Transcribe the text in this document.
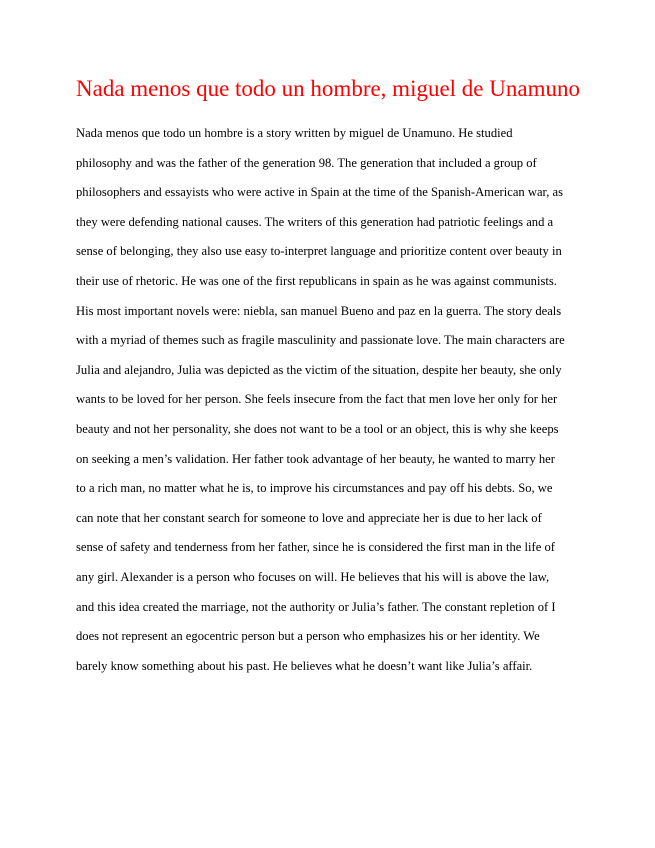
Nada menos que todo un hombre, miguel de Unamuno
Nada menos que todo un hombre is a story written by miguel de Unamuno. He studied
philosophy and was the father of the generation 98. The generation that included a group of
philosophers and essayists who were active in Spain at the time of the Spanish-American war, as
they were defending national causes. The writers of this generation had patriotic feelings and a
sense of belonging, they also use easy to-interpret language and prioritize content over beauty in
their use of rhetoric. He was one of the first republicans in spain as he was against communists.
His most important novels were: niebla, san manuel Bueno and paz en la guerra. The story deals
with a myriad of themes such as fragile masculinity and passionate love. The main characters are
Julia and alejandro, Julia was depicted as the victim of the situation, despite her beauty, she only
wants to be loved for her person. She feels insecure from the fact that men love her only for her
beauty and not her personality, she does not want to be a tool or an object, this is why she keeps
on seeking a men’s validation. Her father took advantage of her beauty, he wanted to marry her
to a rich man, no matter what he is, to improve his circumstances and pay off his debts. So, we
can note that her constant search for someone to love and appreciate her is due to her lack of
sense of safety and tenderness from her father, since he is considered the first man in the life of
any girl. Alexander is a person who focuses on will. He believes that his will is above the law,
and this idea created the marriage, not the authority or Julia’s father. The constant repletion of I
does not represent an egocentric person but a person who emphasizes his or her identity. We
barely know something about his past. He believes what he doesn’t want like Julia’s affair.
